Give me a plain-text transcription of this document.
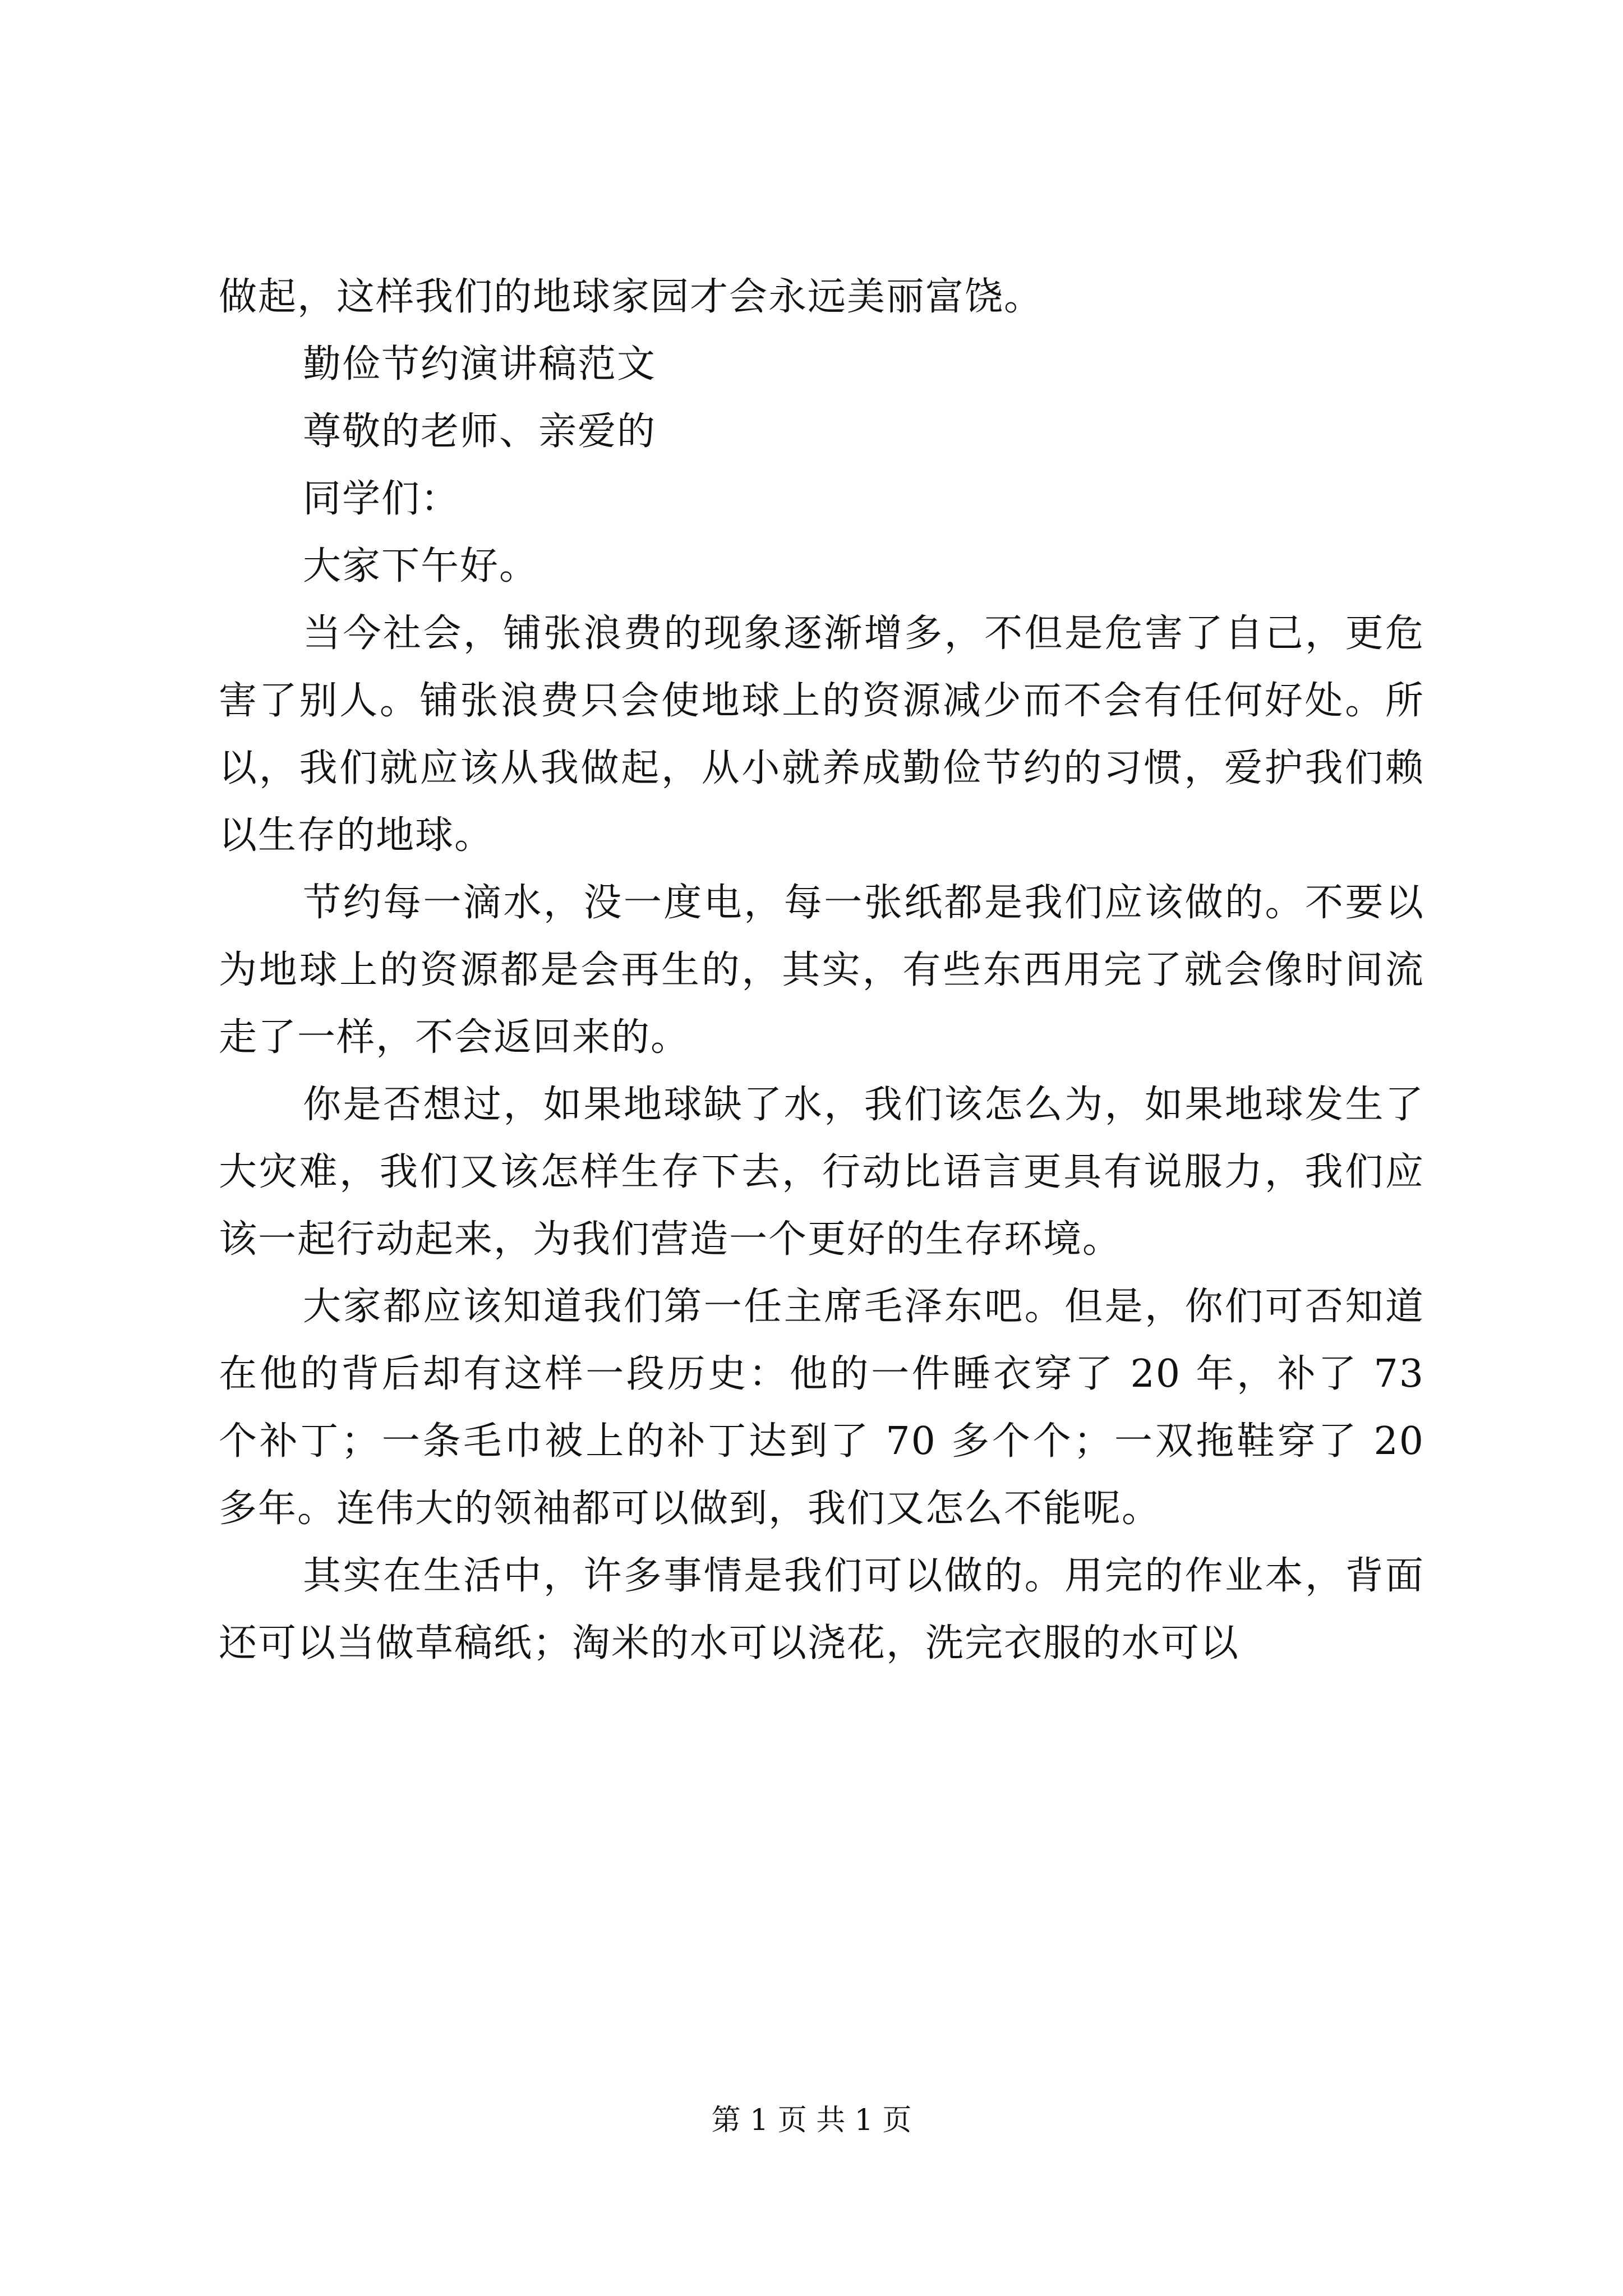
做起，这样我们的地球家园才会永远美丽富饶。

勤俭节约演讲稿范文

尊敬的老师、亲爱的

同学们：

大家下午好。

当今社会，铺张浪费的现象逐渐增多，不但是危害了自己，更危害了别人。铺张浪费只会使地球上的资源减少而不会有任何好处。所以，我们就应该从我做起，从小就养成勤俭节约的习惯，爱护我们赖以生存的地球。

节约每一滴水，没一度电，每一张纸都是我们应该做的。不要以为地球上的资源都是会再生的，其实，有些东西用完了就会像时间流走了一样，不会返回来的。

你是否想过，如果地球缺了水，我们该怎么为，如果地球发生了大灾难，我们又该怎样生存下去，行动比语言更具有说服力，我们应该一起行动起来，为我们营造一个更好的生存环境。

大家都应该知道我们第一任主席毛泽东吧。但是，你们可否知道在他的背后却有这样一段历史：他的一件睡衣穿了 20 年，补了 73 个补丁；一条毛巾被上的补丁达到了 70 多个个；一双拖鞋穿了 20 多年。连伟大的领袖都可以做到，我们又怎么不能呢。

其实在生活中，许多事情是我们可以做的。用完的作业本，背面还可以当做草稿纸；淘米的水可以浇花，洗完衣服的水可以

第 1 页 共 1 页
